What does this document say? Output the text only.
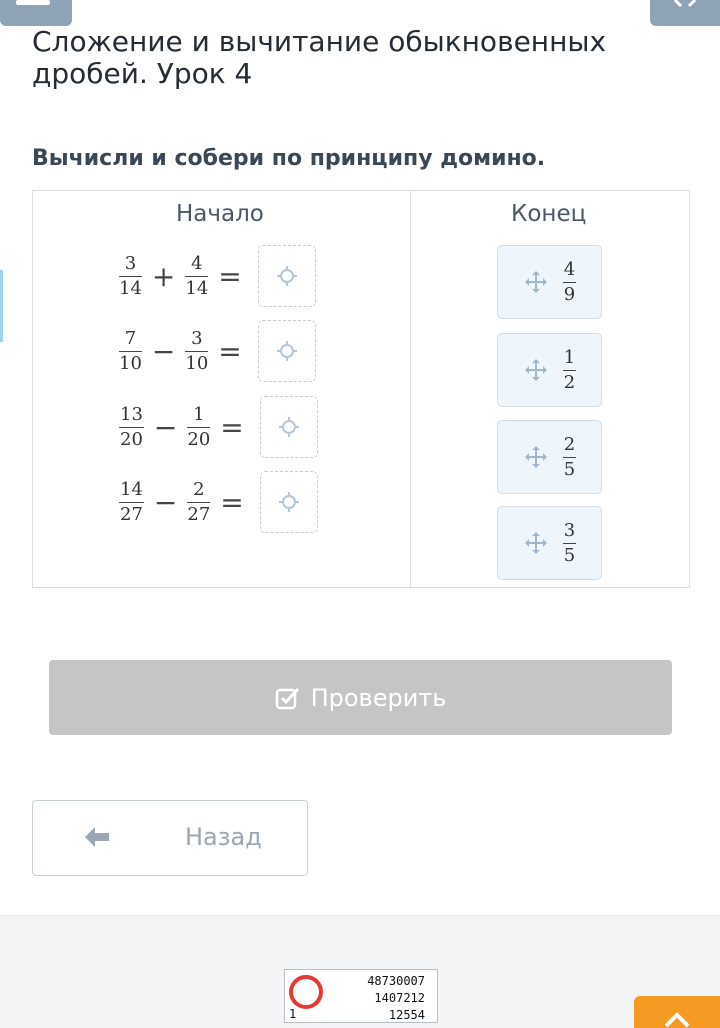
Сложение и вычитание обыкновенных дробей. Урок 4
Вычисли и собери по принципу домино.
Начало	Конец
$\frac{3}{14} + \frac{4}{14}$ =
$\frac{7}{10} - \frac{3}{10}$ =
$\frac{13}{20} - \frac{1}{20}$ =
$\frac{14}{27} - \frac{2}{27}$ =
$\frac{4}{9}$
$\frac{1}{2}$
$\frac{2}{5}$
$\frac{3}{5}$
Проверить
Назад
1
48730007
1407212
12554
